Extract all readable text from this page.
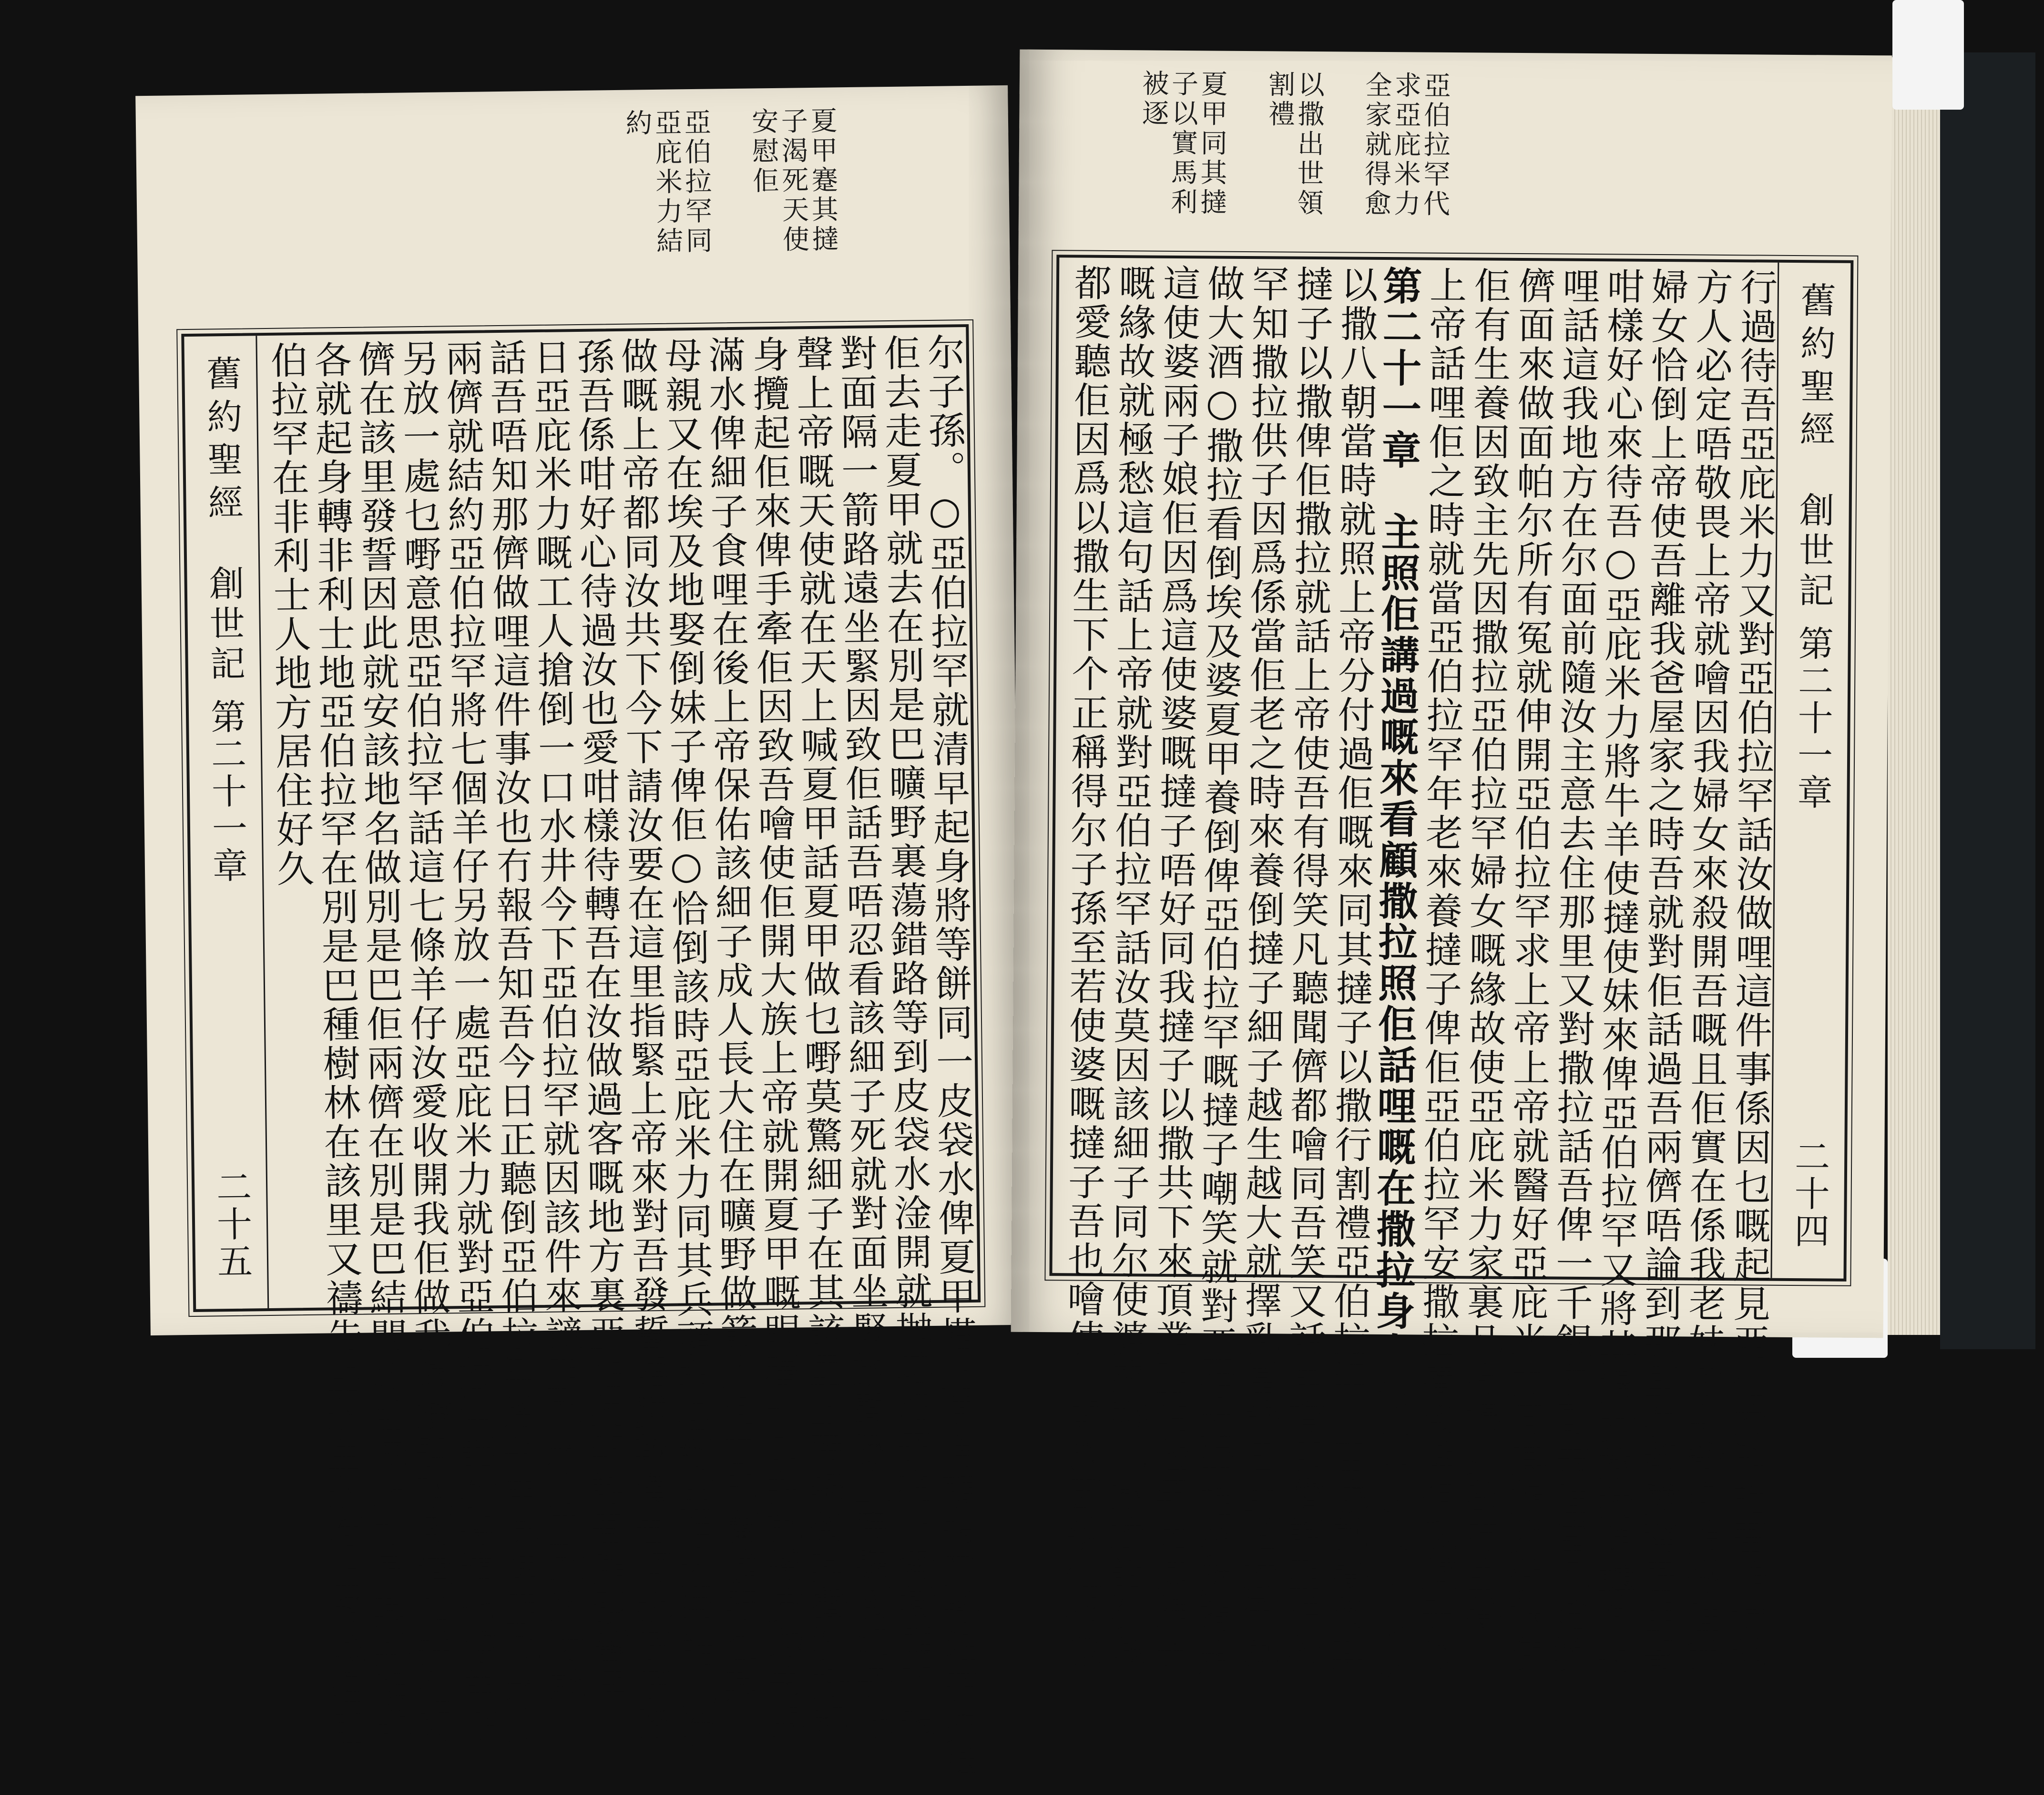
夏甲蹇其撻子渴死天使安慰佢
亞伯拉罕同亞庇米力結約
舊約聖經
創世記
第二十一章
二十五	尔子孫。○亞伯拉罕就清早起身將等餅同一皮袋水俾夏甲搭上其肩頭去又將細子交俾
佢去走夏甲就去在別是巴曠野裏蕩錯路等到皮袋水淦開就抛落細子在一裔樹頭下去
對面隔一箭路遠坐緊因致佢話吾唔忍看該細子死就對面坐緊放聲噭上帝聽倒細子嘅
聲上帝嘅天使就在天上喊夏甲話夏甲做乜嘢莫驚細子在其該里上帝聽倒其聲汝好起
身攬起佢來俾手牽佢因致吾噲使佢開大族上帝就開夏甲嘅眼看一口井就將皮袋去張
滿水俾細子食哩在後上帝保佑該細子成人長大住在曠野做箭人佢在巴蘭曠野住其
母親又在埃及地娶倒妹子俾佢○恰倒該時亞庇米力同其兵頭非各對亞伯拉罕話凡汝
做嘅上帝都同汝共下今下請汝要在這里指緊上帝來對吾發誓唔愛欺負吾同我子子孫
孫吾係咁好心待過汝也愛咁樣待轉吾在汝做過客嘅地方裏亞伯拉罕話吾願發誓早
日亞庇米力嘅工人搶倒一口水井今下亞伯拉罕就因該件來讁亞庇米力亞庇米力就
話吾唔知那儕做哩這件事汝也冇報吾知吾今日正聽倒亞伯拉罕將牛羊送俾亞庇米力
兩儕就結約亞伯拉罕將七個羊仔另放一處亞庇米力就對亞伯拉罕話汝將這七條羊仔
另放一處乜嘢意思亞伯拉罕話這七條羊仔汝愛收開我佢做我憑據吾取倒這口井佢兩
儕在該里發誓因此就安該地名做別是巴佢兩儕在別是巴結開約亞庇米力同其兵頭非
各就起身轉非利士地亞伯拉罕在別是巴種樹林在該里又禱告主永生永活上帝嘅名亞
伯拉罕在非利士人地方居住好久
亞伯拉罕代求亞庇米力全家就得愈
以撒出世領割禮
夏甲同其撻子以實馬利被逐
舊約聖經
創世記
第二十一章
二十四
行過待吾亞庇米力又對亞伯拉罕話汝做哩這件事係因乜嘅起見亞伯拉罕話吾作這地
方人必定唔敬畏上帝就噲因我婦女來殺開吾嘅且佢實在係我老妹係共爺各娘做哩我
婦女恰倒上帝使吾離我爸屋家之時吾就對佢話過吾兩儕唔論到那里汝都愛稱吾亞哥
咁樣好心來待吾○亞庇米力將牛羊使撻使妹來俾亞伯拉罕又將其婦女撒拉俾轉佢去
哩話這我地方在尔面前隨汝主意去住那里又對撒拉話吾俾一千銀尔哥去哩當凡陪汝
儕面來做面帕尔所有冤就伸開亞伯拉罕求上帝上帝就醫好亞庇米力同其婦女使妹使
佢有生養因致主先因撒拉亞伯拉罕婦女嘅緣故使亞庇米力家裏凡有婦女都冇生養
上帝話哩佢之時就當亞伯拉罕年老來養撻子俾佢亞伯拉罕安撒拉養倒俾佢嘅撻子做
第二十一章　主照佢講過嘅來看顧撒拉照佢話哩嘅在撒拉身上做出來撒拉有胎到
以撒八朝當時就照上帝分付過佢嘅來同其撻子以撒行割禮亞伯拉罕一百歲就養倒其
撻子以撒俾佢撒拉就話上帝使吾有得笑凡聽聞儕都噲同吾笑又話早有那儕話亞伯拉
罕知撒拉供子因爲係當佢老之時來養倒撻子細子越生越大就擇乳當該日亞伯拉罕就
做大酒○撒拉看倒埃及婆夏甲養倒俾亞伯拉罕嘅撻子嘲笑就對亞伯拉罕話汝愛趕走
這使婆兩子娘佢因爲這使婆嘅撻子唔好同我撻子以撒共下來頂業亞伯拉罕因其撻子
嘅緣故就極愁這句話上帝就對亞伯拉罕話汝莫因該細子同尔使婆來愁凡撒拉話汝嘅
都愛聽佢因爲以撒生下个正稱得尔子孫至若使婆嘅撻子吾也噲使佢開族因致佢都係
